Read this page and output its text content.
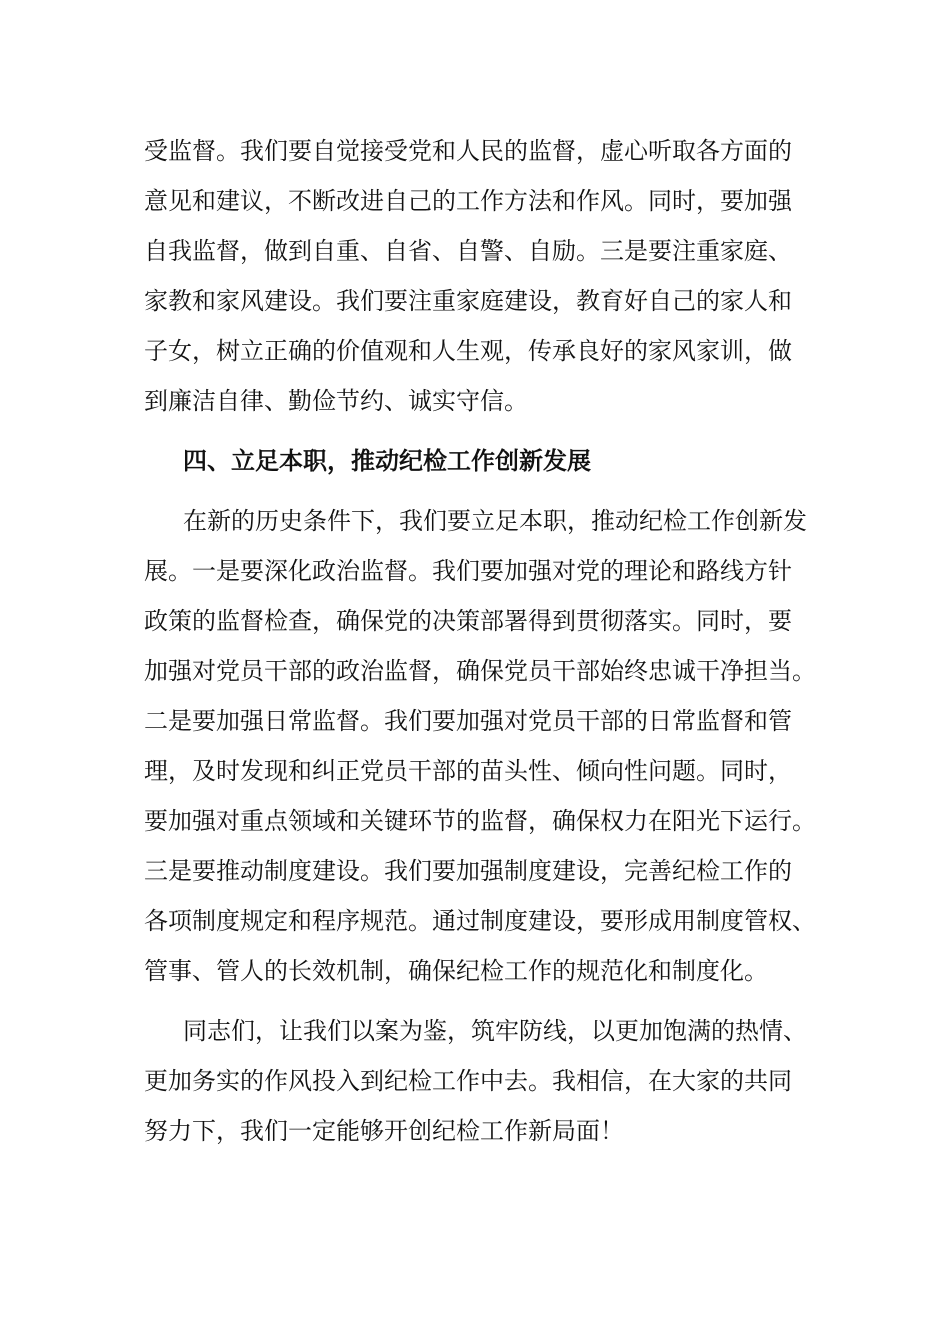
受监督。我们要自觉接受党和人民的监督，虚心听取各方面的
意见和建议，不断改进自己的工作方法和作风。同时，要加强
自我监督，做到自重、自省、自警、自励。三是要注重家庭、
家教和家风建设。我们要注重家庭建设，教育好自己的家人和
子女，树立正确的价值观和人生观，传承良好的家风家训，做
到廉洁自律、勤俭节约、诚实守信。
四、立足本职，推动纪检工作创新发展
在新的历史条件下，我们要立足本职，推动纪检工作创新发
展。一是要深化政治监督。我们要加强对党的理论和路线方针
政策的监督检查，确保党的决策部署得到贯彻落实。同时，要
加强对党员干部的政治监督，确保党员干部始终忠诚干净担当。
二是要加强日常监督。我们要加强对党员干部的日常监督和管
理，及时发现和纠正党员干部的苗头性、倾向性问题。同时，
要加强对重点领域和关键环节的监督，确保权力在阳光下运行。
三是要推动制度建设。我们要加强制度建设，完善纪检工作的
各项制度规定和程序规范。通过制度建设，要形成用制度管权、
管事、管人的长效机制，确保纪检工作的规范化和制度化。
同志们，让我们以案为鉴，筑牢防线，以更加饱满的热情、
更加务实的作风投入到纪检工作中去。我相信，在大家的共同
努力下，我们一定能够开创纪检工作新局面！
